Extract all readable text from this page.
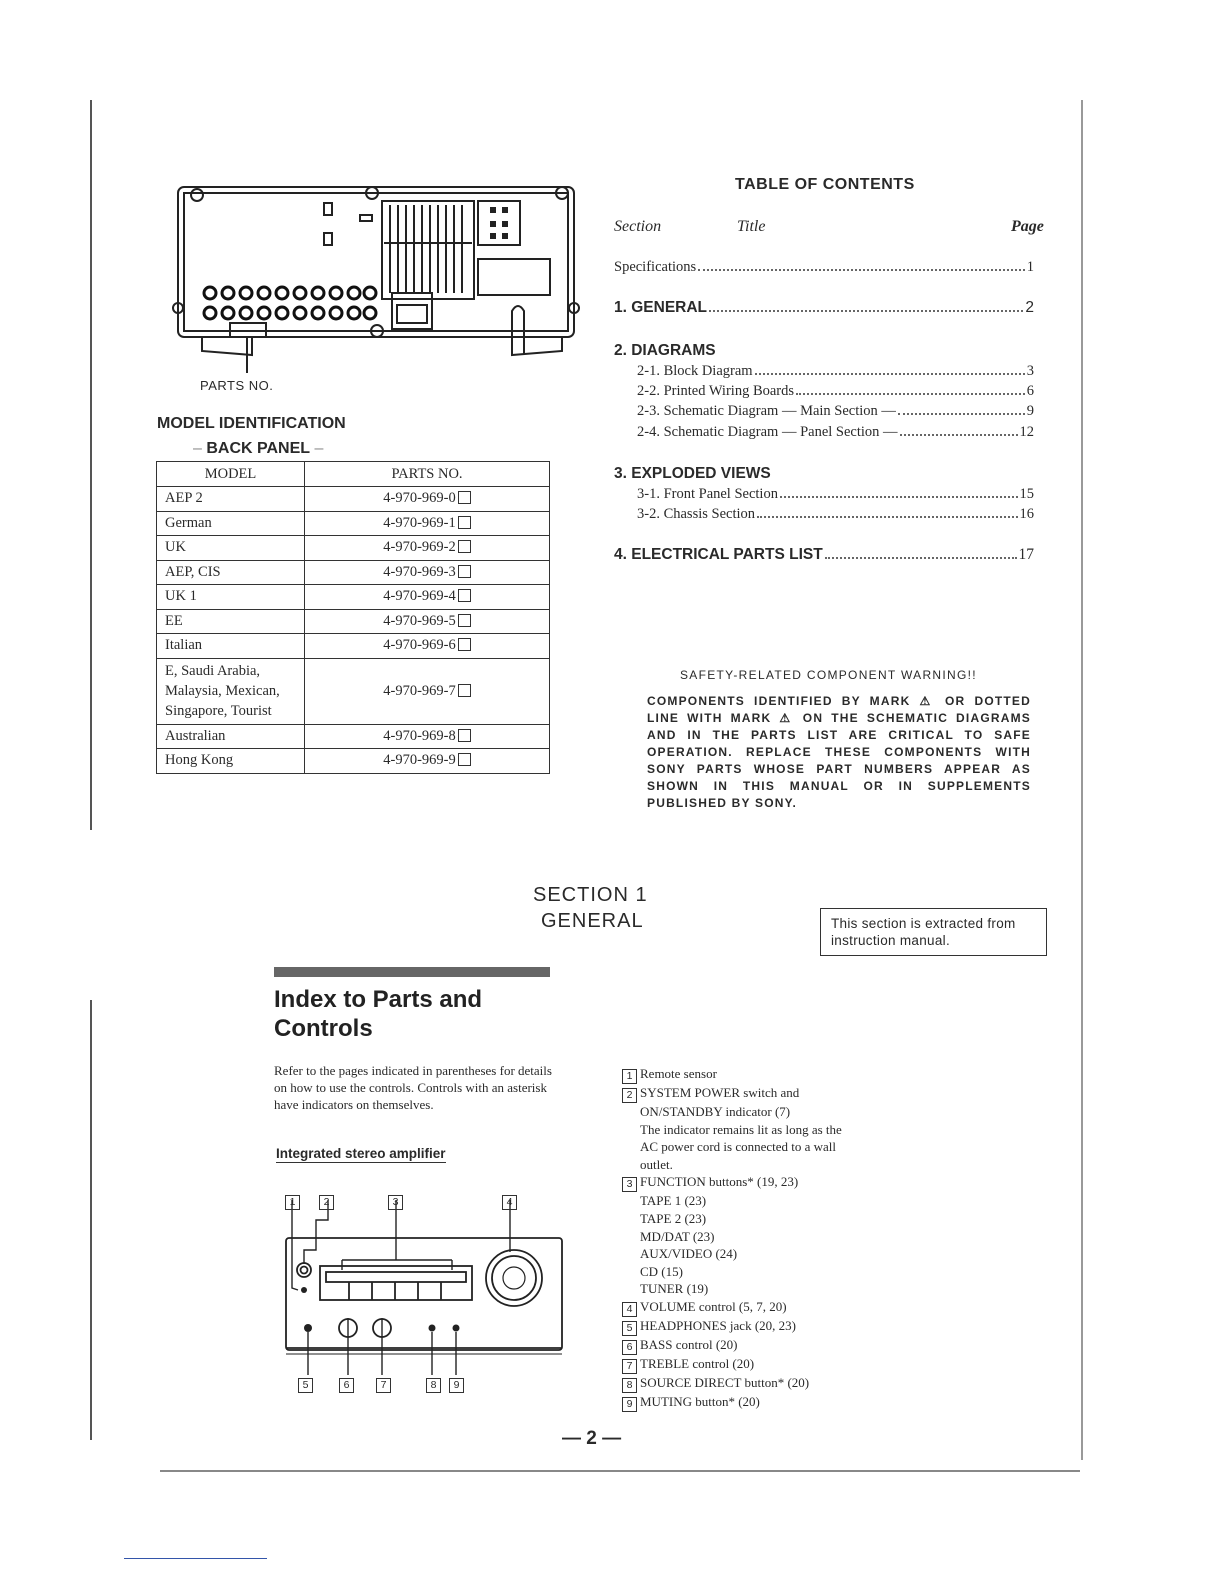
PARTS NO.
MODEL IDENTIFICATION
– BACK PANEL –
MODEL	PARTS NO.
AEP 2	4-970-969-0
German	4-970-969-1
UK	4-970-969-2
AEP, CIS	4-970-969-3
UK 1	4-970-969-4
EE	4-970-969-5
Italian	4-970-969-6
E, Saudi Arabia,
Malaysia, Mexican,
Singapore, Tourist	4-970-969-7
Australian	4-970-969-8
Hong Kong	4-970-969-9
TABLE OF CONTENTS
Section	Title	Page
Specifications	1
1. GENERAL	2
2. DIAGRAMS
2-1. Block Diagram	3
2-2. Printed Wiring Boards	6
2-3. Schematic Diagram — Main Section —	9
2-4. Schematic Diagram — Panel Section —	12
3. EXPLODED VIEWS
3-1. Front Panel Section	15
3-2. Chassis Section	16
4. ELECTRICAL PARTS LIST	17
SAFETY-RELATED COMPONENT WARNING!!
COMPONENTS IDENTIFIED BY MARK ⚠ OR DOTTED LINE WITH MARK ⚠ ON THE SCHEMATIC DIAGRAMS AND IN THE PARTS LIST ARE CRITICAL TO SAFE OPERATION. REPLACE THESE COMPONENTS WITH SONY PARTS WHOSE PART NUMBERS APPEAR AS SHOWN IN THIS MANUAL OR IN SUPPLEMENTS PUBLISHED BY SONY.
SECTION 1
GENERAL	This section is extracted from instruction manual.
Index to Parts and
Controls
Refer to the pages indicated in parentheses for details on how to use the controls. Controls with an asterisk have indicators on themselves.
Integrated stereo amplifier
1	2	3	4
5	6	7	8	9
1 Remote sensor
2 SYSTEM POWER switch and
ON/STANDBY indicator (7)
The indicator remains lit as long as the
AC power cord is connected to a wall
outlet.
3 FUNCTION buttons* (19, 23)
TAPE 1 (23)
TAPE 2 (23)
MD/DAT (23)
AUX/VIDEO (24)
CD (15)
TUNER (19)
4 VOLUME control (5, 7, 20)
5 HEADPHONES jack (20, 23)
6 BASS control (20)
7 TREBLE control (20)
8 SOURCE DIRECT button* (20)
9 MUTING button* (20)
— 2 —
